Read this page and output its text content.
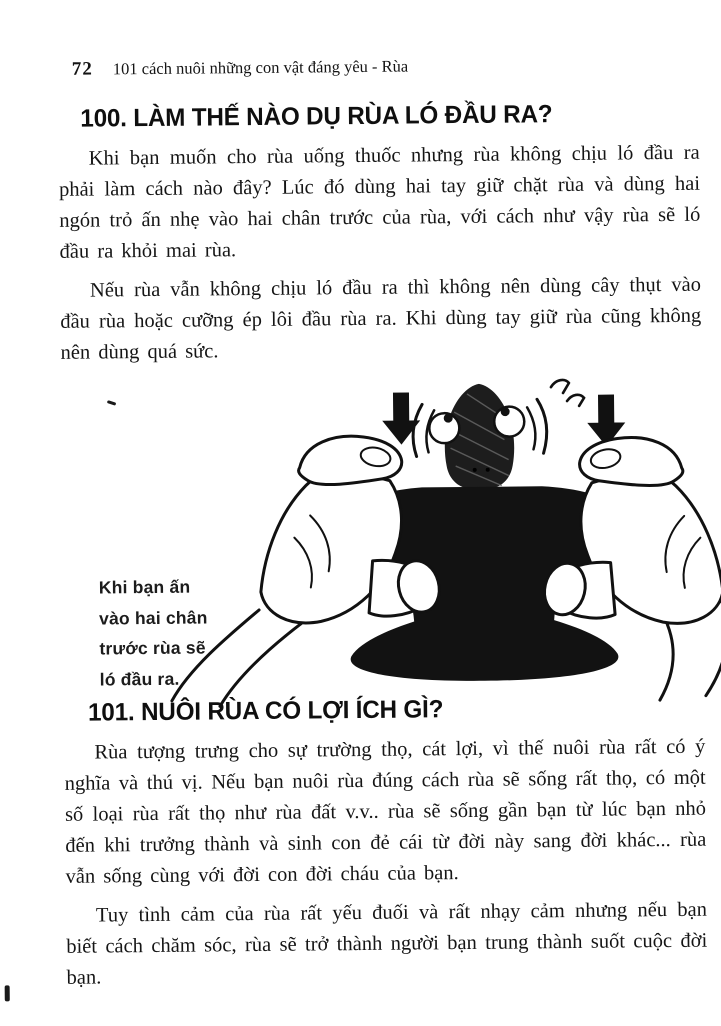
72 101 cách nuôi những con vật đáng yêu - Rùa
100. LÀM THẾ NÀO DỤ RÙA LÓ ĐẦU RA?

Khi bạn muốn cho rùa uống thuốc nhưng rùa không chịu ló đầu ra phải làm cách nào đây? Lúc đó dùng hai tay giữ chặt rùa và dùng hai ngón trỏ ấn nhẹ vào hai chân trước của rùa, với cách như vậy rùa sẽ ló đầu ra khỏi mai rùa.

Nếu rùa vẫn không chịu ló đầu ra thì không nên dùng cây thụt vào đầu rùa hoặc cưỡng ép lôi đầu rùa ra. Khi dùng tay giữ rùa cũng không nên dùng quá sức.

Khi bạn ấn
vào hai chân
trước rùa sẽ
ló đầu ra.
101. NUÔI RÙA CÓ LỢI ÍCH GÌ?

Rùa tượng trưng cho sự trường thọ, cát lợi, vì thế nuôi rùa rất có ý nghĩa và thú vị. Nếu bạn nuôi rùa đúng cách rùa sẽ sống rất thọ, có một số loại rùa rất thọ như rùa đất v.v.. rùa sẽ sống gần bạn từ lúc bạn nhỏ đến khi trưởng thành và sinh con đẻ cái từ đời này sang đời khác... rùa vẫn sống cùng với đời con đời cháu của bạn.

Tuy tình cảm của rùa rất yếu đuối và rất nhạy cảm nhưng nếu bạn biết cách chăm sóc, rùa sẽ trở thành người bạn trung thành suốt cuộc đời bạn.
